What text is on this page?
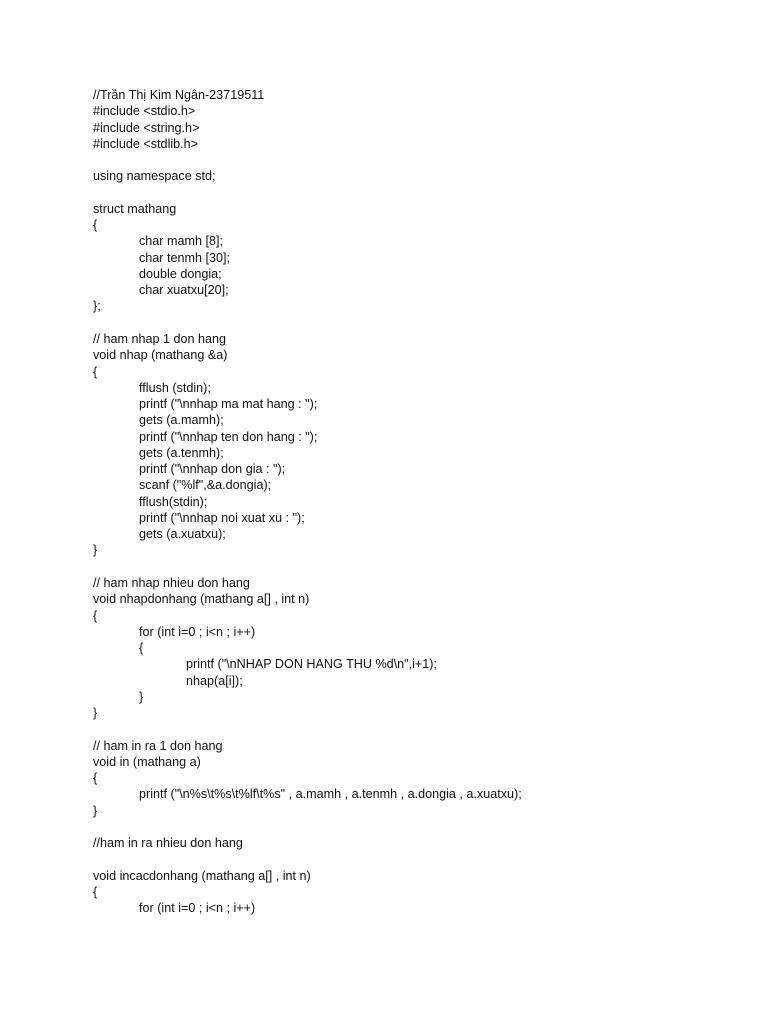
//Trần Thị Kim Ngân-23719511
#include <stdio.h>
#include <string.h>
#include <stdlib.h>
using namespace std;
struct mathang
{
char mamh [8];
char tenmh [30];
double dongia;
char xuatxu[20];
};
// ham nhap 1 don hang
void nhap (mathang &a)
{
fflush (stdin);
printf ("\nnhap ma mat hang : ");
gets (a.mamh);
printf ("\nnhap ten don hang : ");
gets (a.tenmh);
printf ("\nnhap don gia : ");
scanf ("%lf",&a.dongia);
fflush(stdin);
printf ("\nnhap noi xuat xu : ");
gets (a.xuatxu);
}
// ham nhap nhieu don hang
void nhapdonhang (mathang a[] , int n)
{
for (int i=0 ; i<n ; i++)
{
printf ("\nNHAP DON HANG THU %d\n",i+1);
nhap(a[i]);
}
}
// ham in ra 1 don hang
void in (mathang a)
{
printf ("\n%s\t%s\t%lf\t%s" , a.mamh , a.tenmh , a.dongia , a.xuatxu);
}
//ham in ra nhieu don hang
void incacdonhang (mathang a[] , int n)
{
for (int i=0 ; i<n ; i++)
